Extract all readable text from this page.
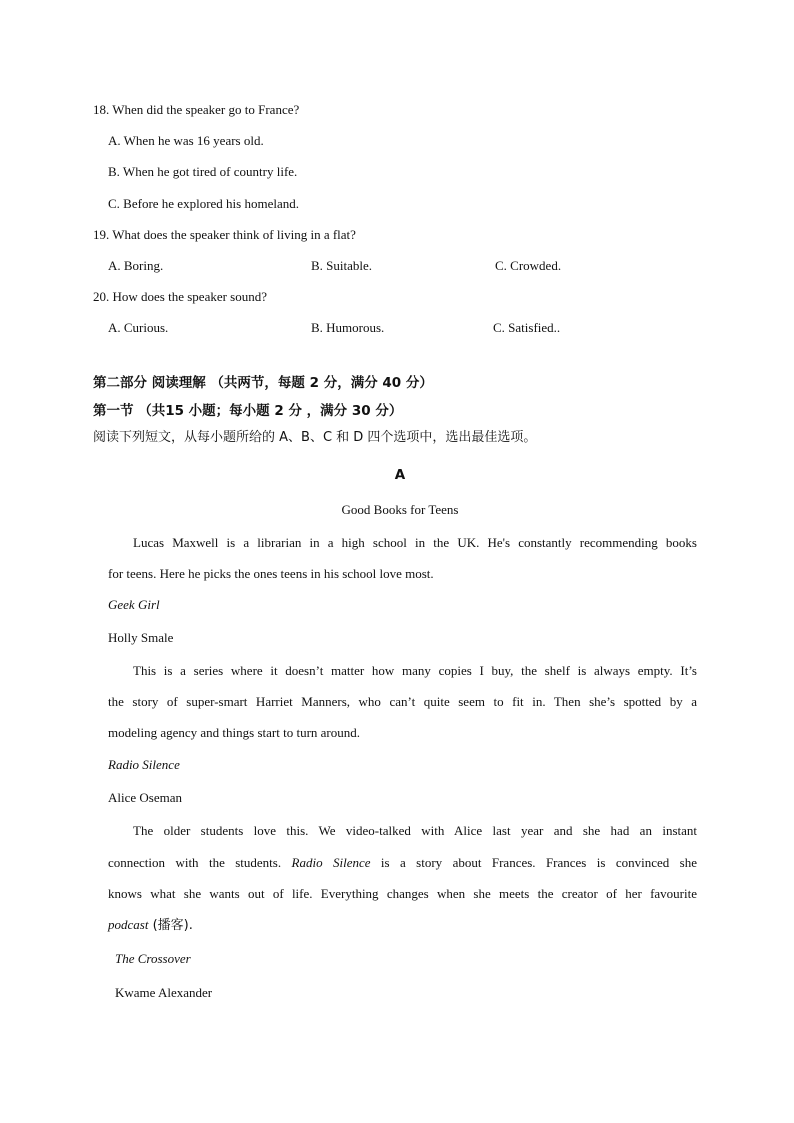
18. When did the speaker go to France?
A. When he was 16 years old.
B. When he got tired of country life.
C. Before he explored his homeland.
19. What does the speaker think of living in a flat?
A. Boring.	B. Suitable.	C. Crowded.
20. How does the speaker sound?
A. Curious.	B. Humorous.	C. Satisfied..
第二部分 阅读理解 （共两节，每题 2 分，满分 40 分）
第一节 （共15 小题；每小题 2 分 ，满分 30 分）
阅读下列短文，从每小题所给的 A、B、C 和 D 四个选项中，选出最佳选项。
A
Good Books for Teens
Lucas Maxwell is a librarian in a high school in the UK. He's constantly recommending books
for teens. Here he picks the ones teens in his school love most.
Geek Girl
Holly Smale
This is a series where it doesn’t matter how many copies I buy, the shelf is always empty. It’s
the story of super-smart Harriet Manners, who can’t quite seem to fit in. Then she’s spotted by a
modeling agency and things start to turn around.
Radio Silence
Alice Oseman
The older students love this. We video-talked with Alice last year and she had an instant
connection with the students. Radio Silence is a story about Frances. Frances is convinced she
knows what she wants out of life. Everything changes when she meets the creator of her favourite
podcast (播客).
The Crossover
Kwame Alexander
